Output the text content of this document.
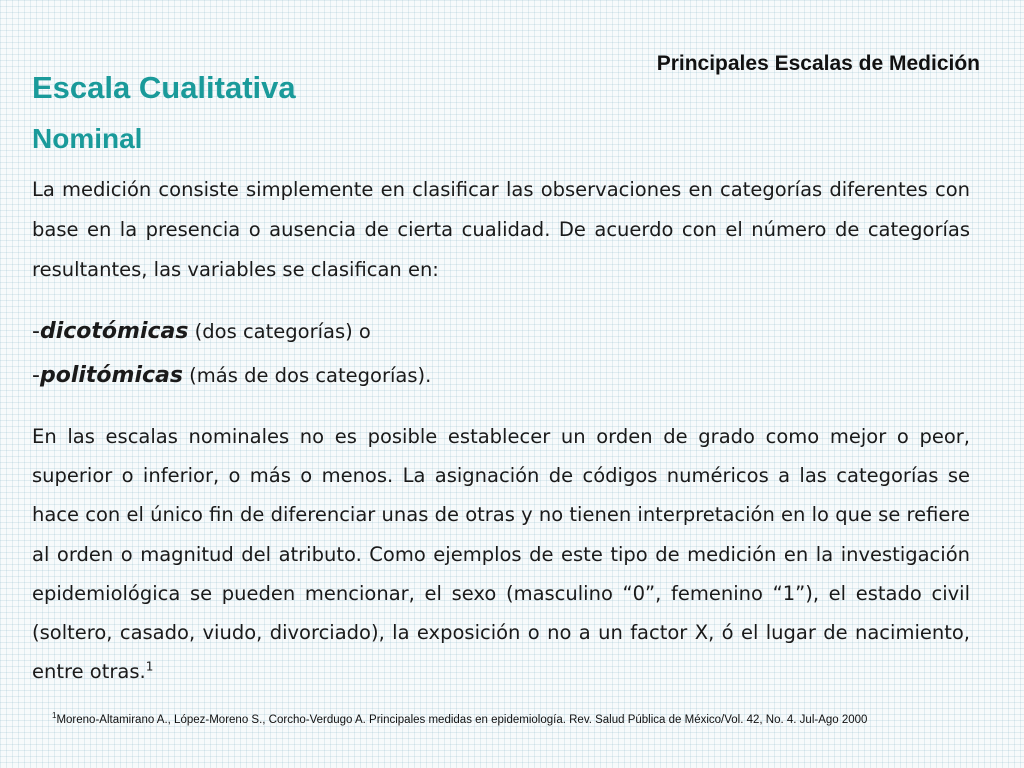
Principales Escalas de Medición
Escala Cualitativa
Nominal
La medición consiste simplemente en clasificar las observaciones en categorías diferentes con base en la presencia o ausencia de cierta cualidad. De acuerdo con el número de categorías resultantes, las variables se clasifican en:
-dicotómicas (dos categorías) o
-politómicas (más de dos categorías).
En las escalas nominales no es posible establecer un orden de grado como mejor o peor, superior o inferior, o más o menos. La asignación de códigos numéricos a las categorías se hace con el único fin de diferenciar unas de otras y no tienen interpretación en lo que se refiere al orden o magnitud del atributo. Como ejemplos de este tipo de medición en la investigación epidemiológica se pueden mencionar, el sexo (masculino “0”, femenino “1”), el estado civil (soltero, casado, viudo, divorciado), la exposición o no a un factor X, ó el lugar de nacimiento, entre otras.$^1$
$^1$Moreno-Altamirano A., López-Moreno S., Corcho-Verdugo A. Principales medidas en epidemiología. Rev. Salud Pública de México/Vol. 42, No. 4. Jul-Ago 2000
